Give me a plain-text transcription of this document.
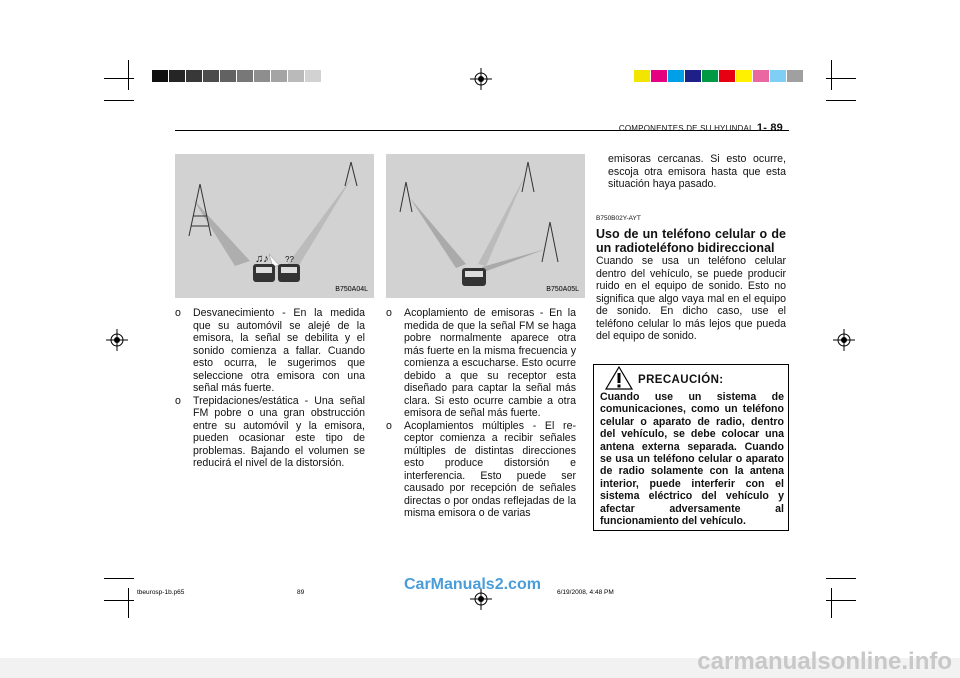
COMPONENTES DE SU HYUNDAI 1- 89
♫♪ ??
B750A04L	B750A05L
o Desvanecimiento - En la medida que su automóvil se alejé de la emisora, la señal se debilita y el sonido comienza a fallar. Cuando esto ocurra, le sugerimos que seleccione otra emisora con una señal más fuerte.
o Trepidaciones/estática - Una señal FM pobre o una gran obstrucción entre su automóvil y la emisora, pueden ocasionar este tipo de problemas. Bajando el volumen se reducirá el nivel de la distorsión.
o Acoplamiento de emisoras - En la medida de que la señal FM se haga pobre normalmente aparece otra más fuerte en la misma frecuencia y comienza a escucharse. Esto ocurre debido a que su receptor esta diseñado para captar la señal más clara. Si esto ocurre cambie a otra emisora de señal más fuerte.
o Acoplamientos múltiples - El re- ceptor comienza a recibir señales múltiples de distintas direcciones esto produce distorsión e interferencia. Esto puede ser causado por recepción de señales directas o por ondas reflejadas de la misma emisora o de varias
emisoras cercanas. Si esto ocurre, escoja otra emisora hasta que esta situación haya pasado.
B750B02Y-AYT
Uso de un teléfono celular o de un radioteléfono bidireccional
Cuando se usa un teléfono celular dentro del vehículo, se puede producir ruido en el equipo de sonido. Esto no significa que algo vaya mal en el equipo de sonido. En dicho caso, use el teléfono celular lo más lejos que pueda del equipo de sonido.
PRECAUCIÓN:
Cuando use un sistema de comunicaciones, como un teléfono celular o aparato de radio, dentro del vehículo, se debe colocar una antena externa separada. Cuando se usa un teléfono celular o aparato de radio solamente con la antena interior, puede interferir con el sistema eléctrico del vehículo y afectar adversamente al funcionamiento del vehículo.
tbeurosp-1b.p65	89	6/19/2008, 4:48 PM
CarManuals2.com
carmanualsonline.info
